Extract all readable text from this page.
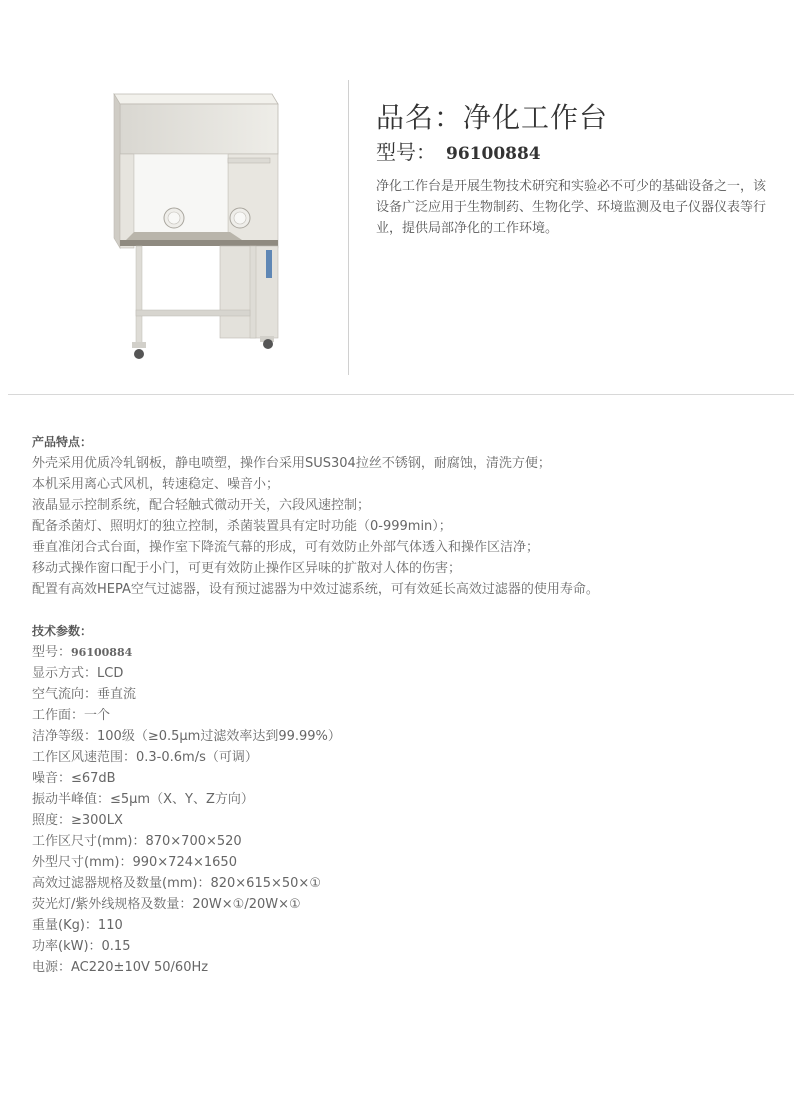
品名：净化工作台
型号： 96100884
净化工作台是开展生物技术研究和实验必不可少的基础设备之一，该设备广泛应用于生物制药、生物化学、环境监测及电子仪器仪表等行业，提供局部净化的工作环境。
产品特点：
外壳采用优质冷轧钢板，静电喷塑，操作台采用SUS304拉丝不锈钢，耐腐蚀，清洗方便；
本机采用离心式风机，转速稳定、噪音小；
液晶显示控制系统，配合轻触式微动开关，六段风速控制；
配备杀菌灯、照明灯的独立控制，杀菌装置具有定时功能（0-999min）；
垂直准闭合式台面，操作室下降流气幕的形成，可有效防止外部气体透入和操作区洁净；
移动式操作窗口配于小门，可更有效防止操作区异味的扩散对人体的伤害；
配置有高效HEPA空气过滤器，设有预过滤器为中效过滤系统，可有效延长高效过滤器的使用寿命。
技术参数：
型号：96100884
显示方式：LCD
空气流向：垂直流
工作面：一个
洁净等级：100级（≥0.5μm过滤效率达到99.99%）
工作区风速范围：0.3-0.6m/s（可调）
噪音：≤67dB
振动半峰值：≤5μm（X、Y、Z方向）
照度：≥300LX
工作区尺寸(mm)：870×700×520
外型尺寸(mm)：990×724×1650
高效过滤器规格及数量(mm)：820×615×50×①
荧光灯/紫外线规格及数量：20W×①/20W×①
重量(Kg)：110
功率(kW)：0.15
电源：AC220±10V 50/60Hz
